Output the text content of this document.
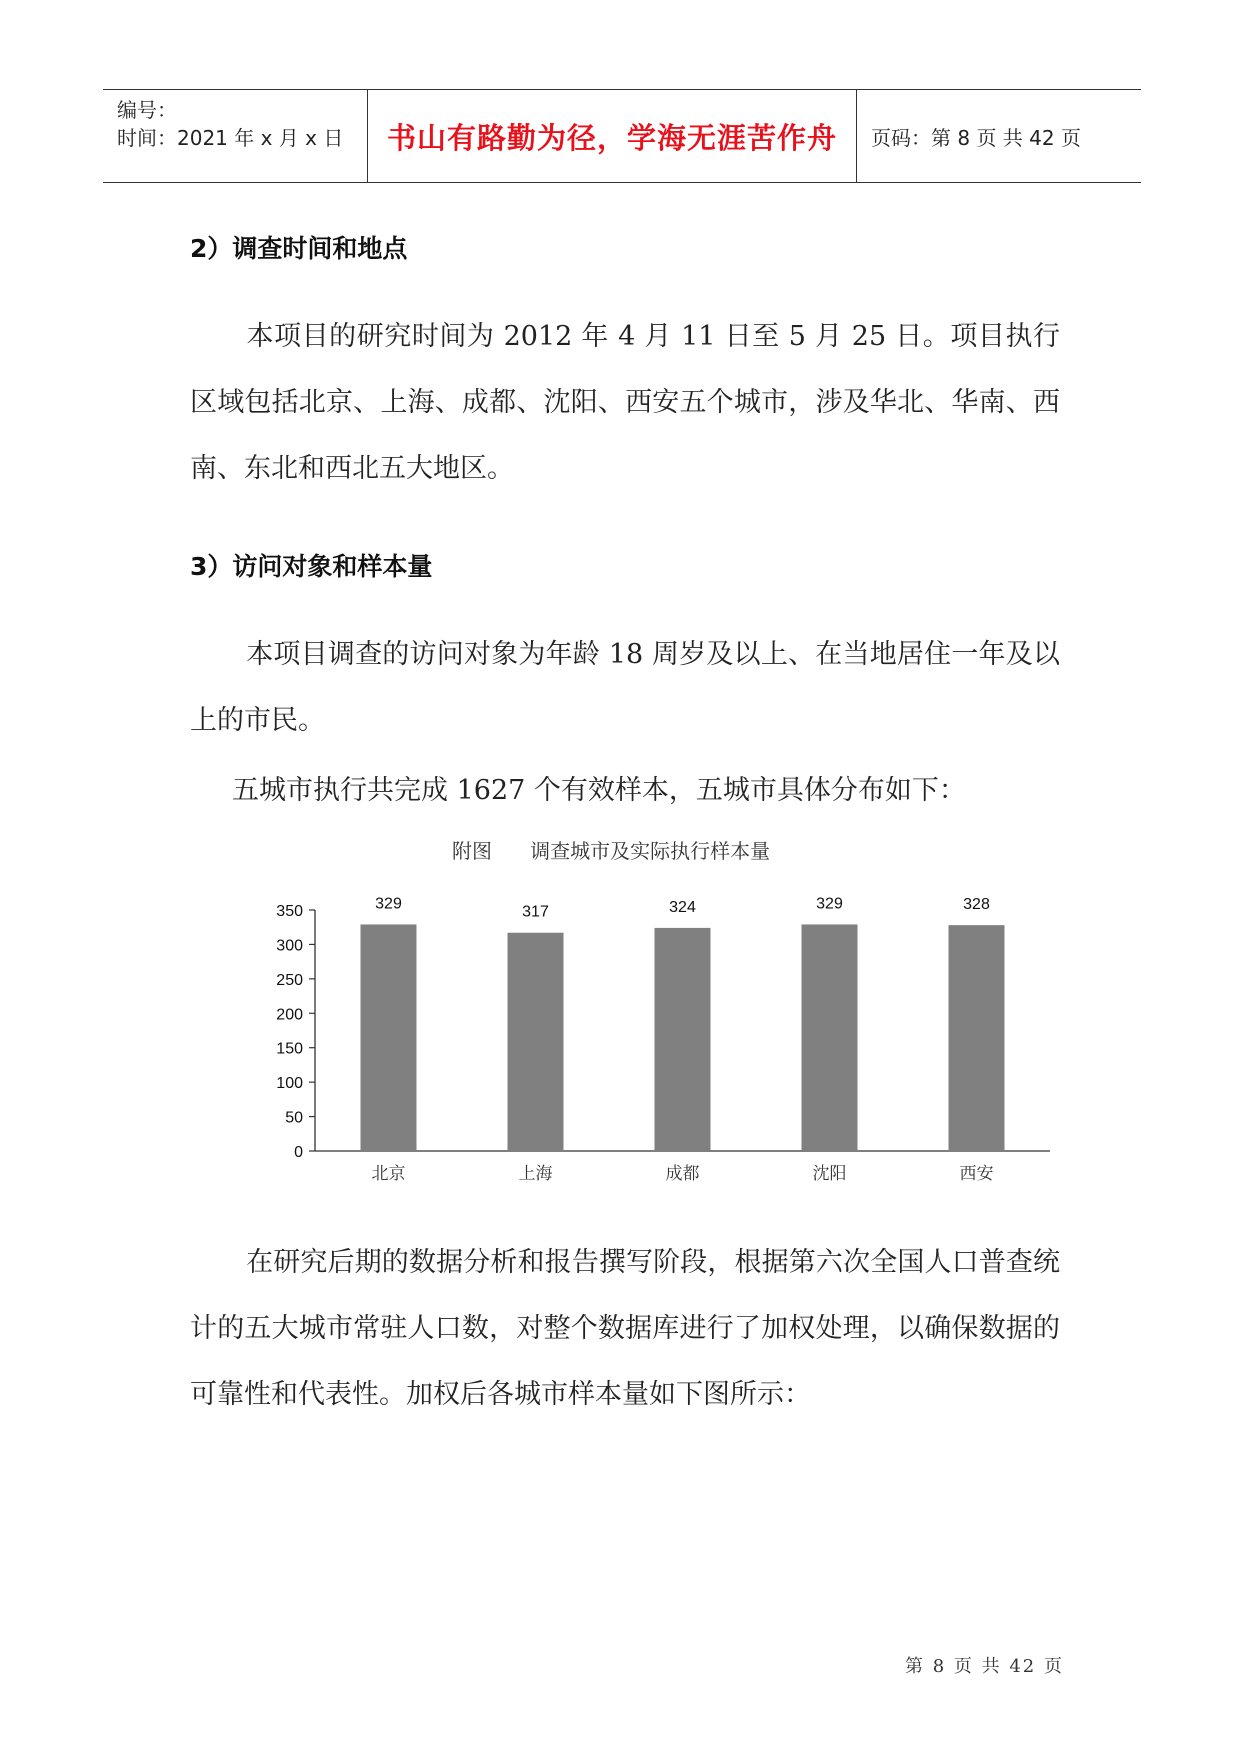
编号：
时间：2021 年 x 月 x 日 书山有路勤为径，学海无涯苦作舟 页码：第 8 页 共 42 页
2）调查时间和地点
本项目的研究时间为 2012 年 4 月 11 日至 5 月 25 日。项目执行区域包括北京、上海、成都、沈阳、西安五个城市，涉及华北、华南、西南、东北和西北五大地区。
3）访问对象和样本量
本项目调查的访问对象为年龄 18 周岁及以上、在当地居住一年及以上的市民。
五城市执行共完成 1627 个有效样本，五城市具体分布如下：
附图      调查城市及实际执行样本量
0
50
100
150
200
250
300
350	329
北京
317
上海
324
成都
329
沈阳
328
西安
在研究后期的数据分析和报告撰写阶段，根据第六次全国人口普查统计的五大城市常驻人口数，对整个数据库进行了加权处理，以确保数据的可靠性和代表性。加权后各城市样本量如下图所示：
第 8 页 共 42 页
